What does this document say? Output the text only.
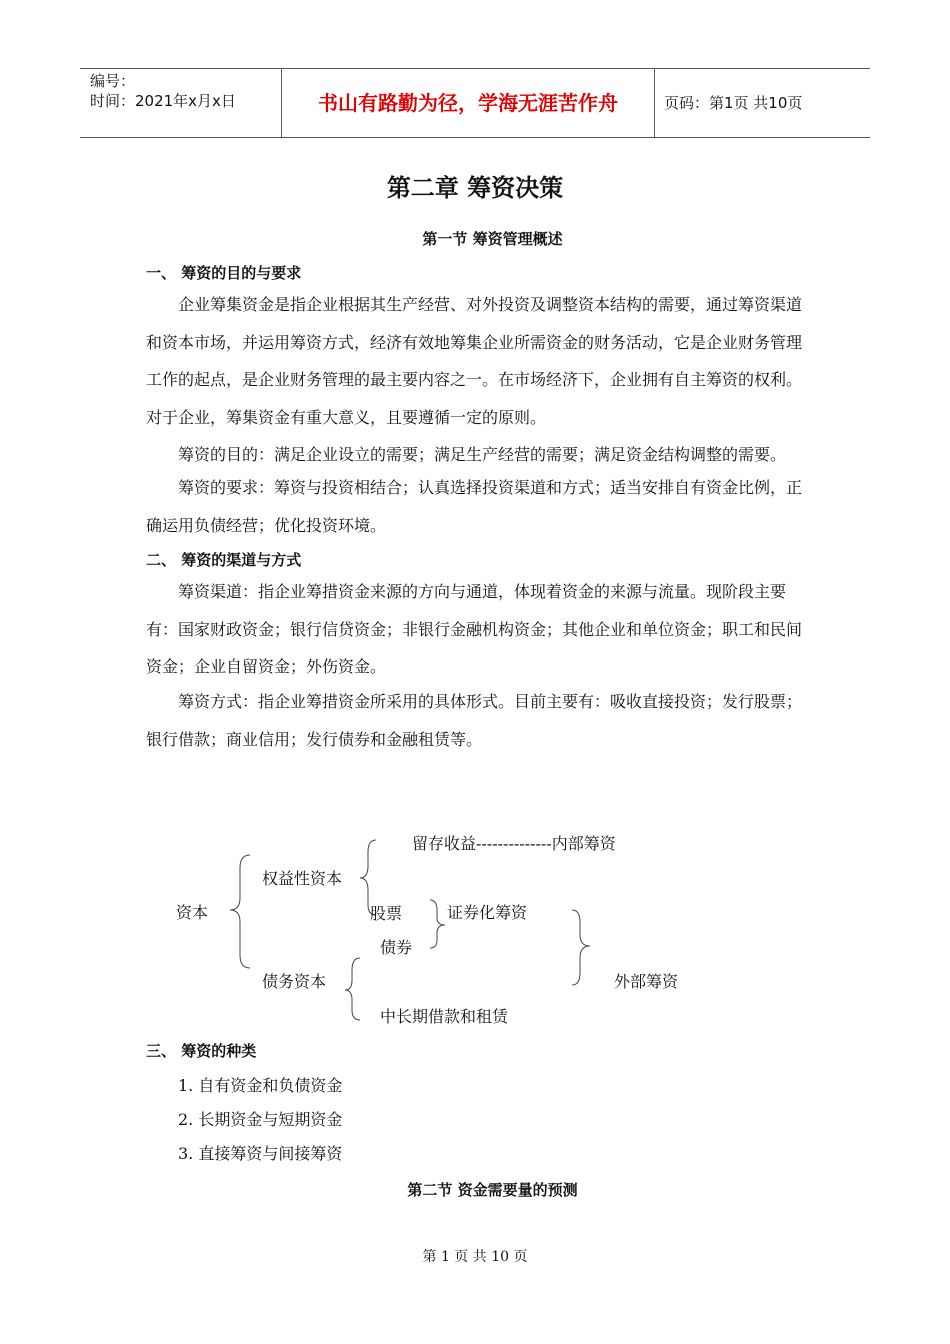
编号：
时间：2021年x月x日	书山有路勤为径，学海无涯苦作舟	页码：第1页 共10页
第二章 筹资决策
第一节 筹资管理概述
一、 筹资的目的与要求
企业筹集资金是指企业根据其生产经营、对外投资及调整资本结构的需要，通过筹资渠道和资本市场，并运用筹资方式，经济有效地筹集企业所需资金的财务活动，它是企业财务管理工作的起点，是企业财务管理的最主要内容之一。在市场经济下，企业拥有自主筹资的权利。对于企业，筹集资金有重大意义，且要遵循一定的原则。
筹资的目的：满足企业设立的需要；满足生产经营的需要；满足资金结构调整的需要。
筹资的要求：筹资与投资相结合；认真选择投资渠道和方式；适当安排自有资金比例，正确运用负债经营；优化投资环境。
二、 筹资的渠道与方式
筹资渠道：指企业筹措资金来源的方向与通道，体现着资金的来源与流量。现阶段主要有：国家财政资金；银行信贷资金；非银行金融机构资金；其他企业和单位资金；职工和民间资金；企业自留资金；外伤资金。
筹资方式：指企业筹措资金所采用的具体形式。目前主要有：吸收直接投资；发行股票；银行借款；商业信用；发行债券和金融租赁等。
资本
权益性资本
债务资本
留存收益--------------内部筹资
股票
债券
证券化筹资
外部筹资
中长期借款和租赁
三、 筹资的种类
1. 自有资金和负债资金
2. 长期资金与短期资金
3. 直接筹资与间接筹资
第二节 资金需要量的预测
第 1 页 共 10 页
